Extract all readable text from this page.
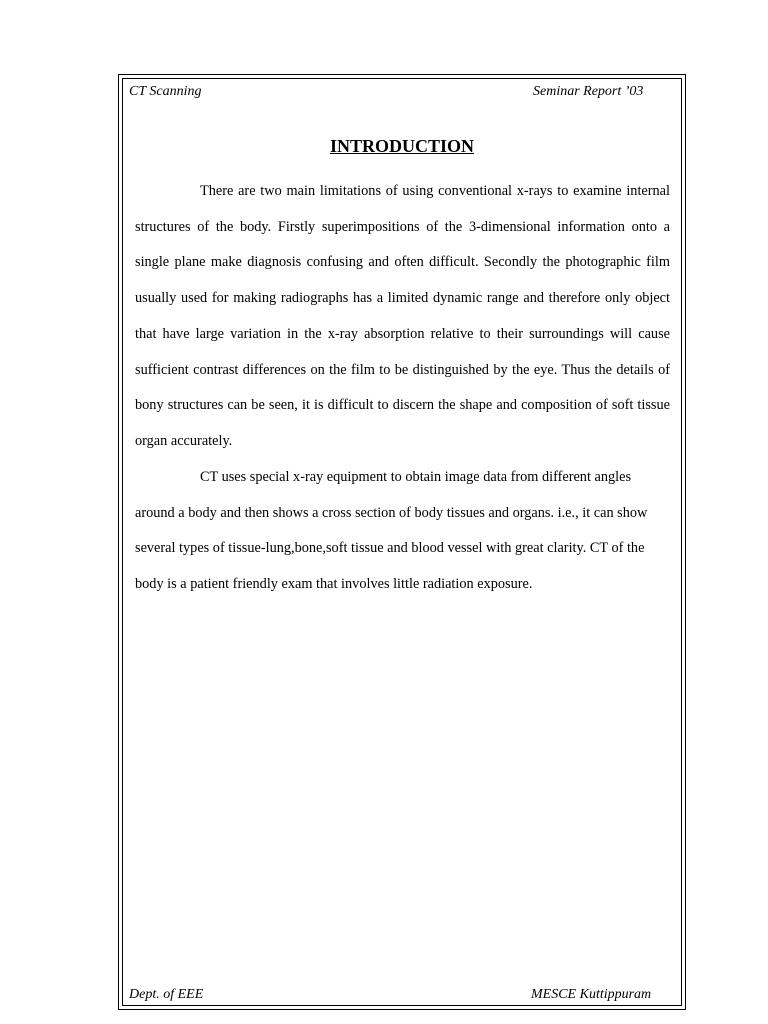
CT Scanning	Seminar Report ’03
INTRODUCTION

There are two main limitations of using conventional x-rays to examine internal structures of the body. Firstly superimpositions of the 3-dimensional information onto a single plane make diagnosis confusing and often difficult. Secondly the photographic film usually used for making radiographs has a limited dynamic range and therefore only object that have large variation in the x-ray absorption relative to their surroundings will cause sufficient contrast differences on the film to be distinguished by the eye. Thus the details of bony structures can be seen, it is difficult to discern the shape and composition of soft tissue organ accurately.

CT uses special x-ray equipment to obtain image data from different angles around a body and then shows a cross section of body tissues and organs. i.e., it can show several types of tissue-lung,bone,soft tissue and blood vessel with great clarity. CT of the body is a patient friendly exam that involves little radiation exposure.

Dept. of EEE	MESCE Kuttippuram
